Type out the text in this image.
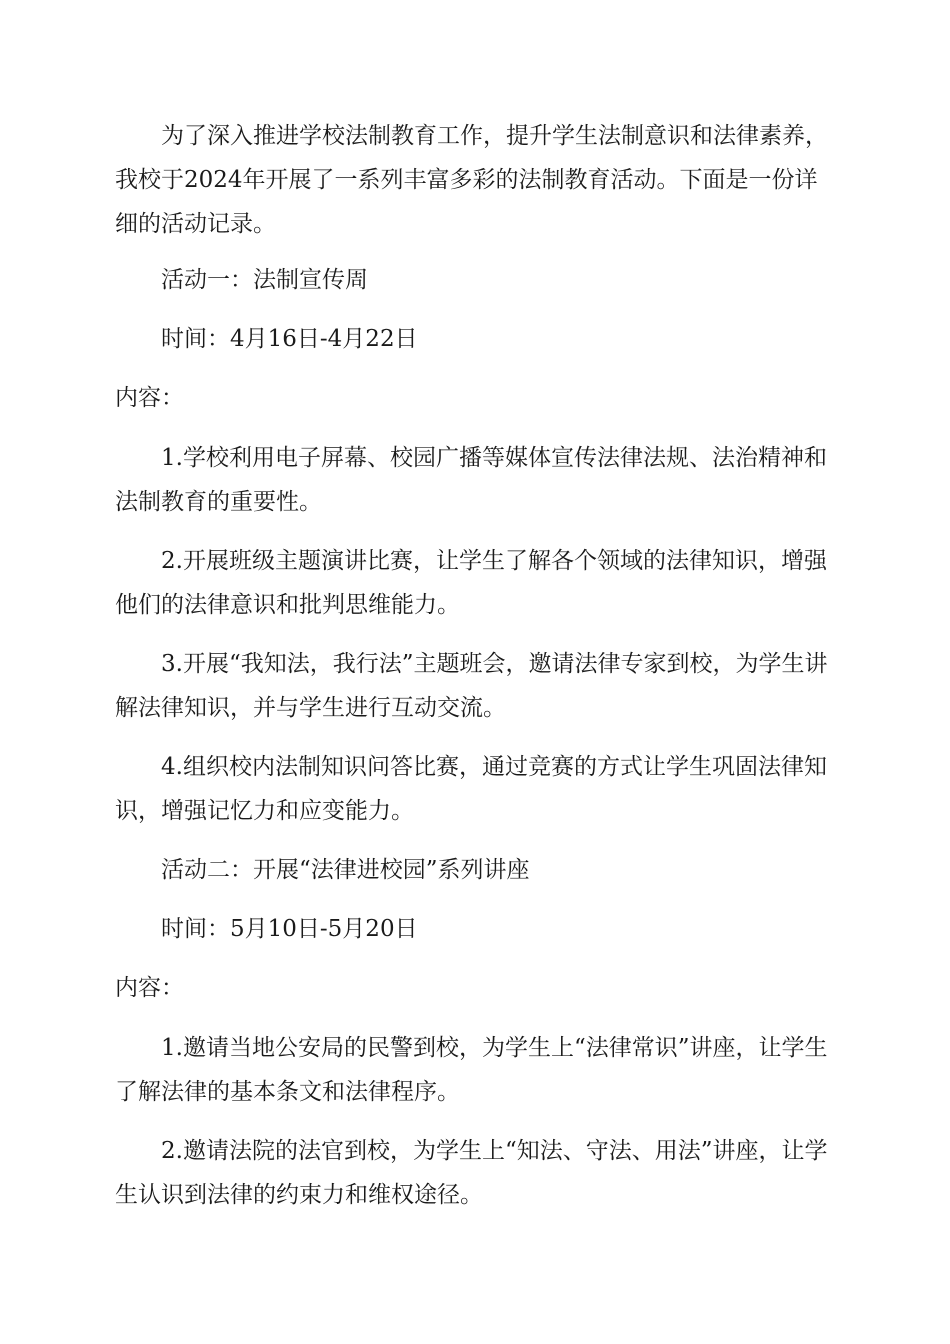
为了深入推进学校法制教育工作，提升学生法制意识和法律素养，我校于2024年开展了一系列丰富多彩的法制教育活动。下面是一份详细的活动记录。

活动一：法制宣传周

时间：4月16日-4月22日

内容：

1.学校利用电子屏幕、校园广播等媒体宣传法律法规、法治精神和法制教育的重要性。

2.开展班级主题演讲比赛，让学生了解各个领域的法律知识，增强他们的法律意识和批判思维能力。

3.开展“我知法，我行法”主题班会，邀请法律专家到校，为学生讲解法律知识，并与学生进行互动交流。

4.组织校内法制知识问答比赛，通过竞赛的方式让学生巩固法律知识，增强记忆力和应变能力。

活动二：开展“法律进校园”系列讲座

时间：5月10日-5月20日

内容：

1.邀请当地公安局的民警到校，为学生上“法律常识”讲座，让学生了解法律的基本条文和法律程序。

2.邀请法院的法官到校，为学生上“知法、守法、用法”讲座，让学生认识到法律的约束力和维权途径。
